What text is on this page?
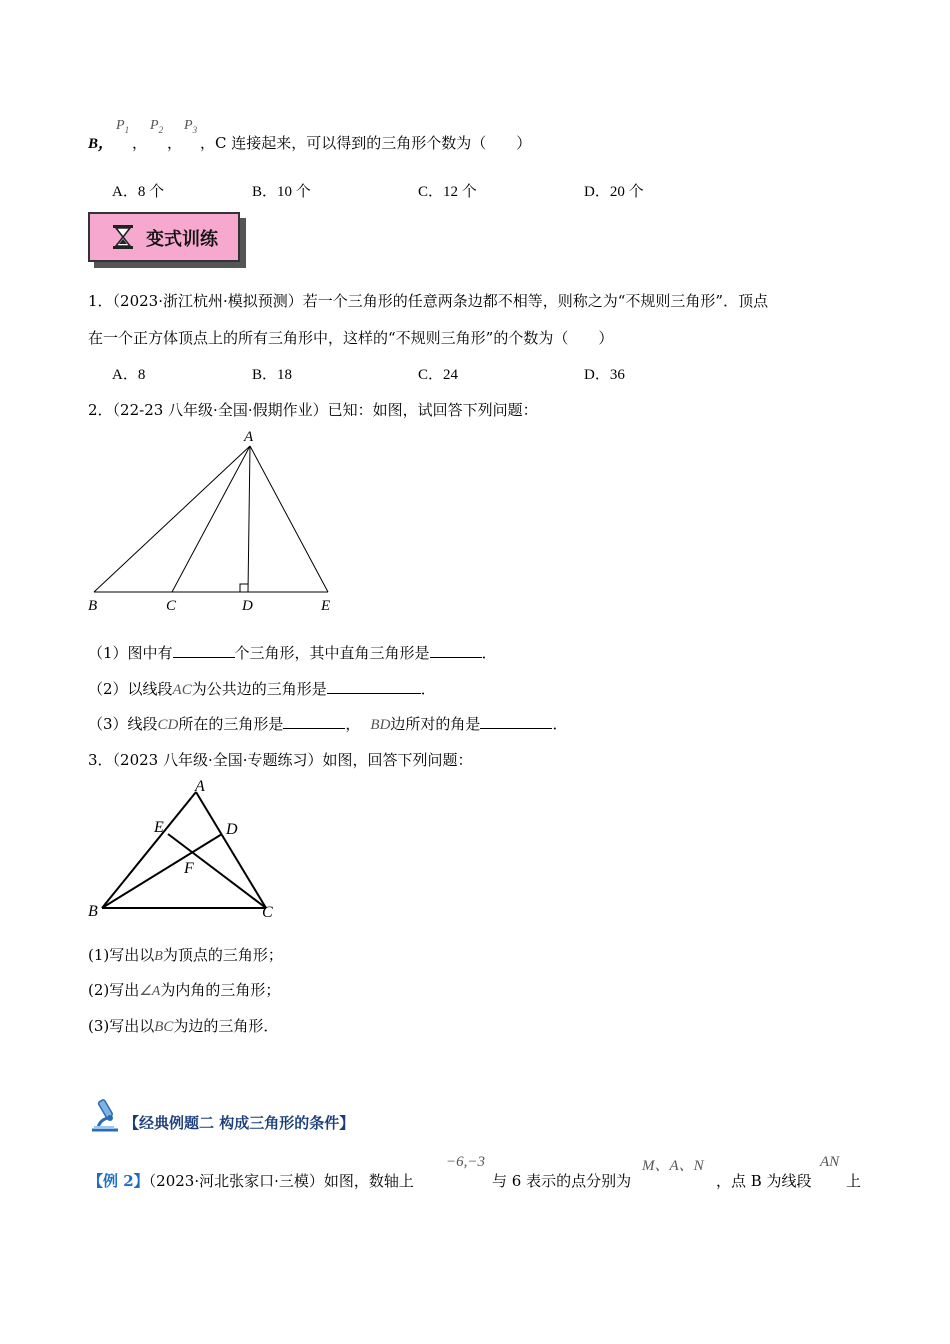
B，
$P_1$
，
$P_2$
，
$P_3$
，C 连接起来，可以得到的三角形个数为（　　）
A．8 个	B．10 个	C．12 个	D．20 个
变式训练
1．（2023·浙江杭州·模拟预测）若一个三角形的任意两条边都不相等，则称之为“不规则三角形”．顶点
在一个正方体顶点上的所有三角形中，这样的“不规则三角形”的个数为（　　）
A．8	B．18	C．24	D．36
2．（22-23 八年级·全国·假期作业）已知：如图，试回答下列问题：
A
B	C	D	E
（1）图中有	个三角形，其中直角三角形是	．
（2）以线段AC为公共边的三角形是	．
（3）线段CD所在的三角形是	， BD边所对的角是	．
3．（2023 八年级·全国·专题练习）如图，回答下列问题：
A
B	C
D
E
F
(1)写出以B为顶点的三角形；
(2)写出∠A为内角的三角形；
(3)写出以BC为边的三角形．
【经典例题二 构成三角形的条件】
【例 2】（2023·河北张家口·三模）如图，数轴上
−6,−3
与 6 表示的点分别为
M、A、N
，点 B 为线段
AN
上
